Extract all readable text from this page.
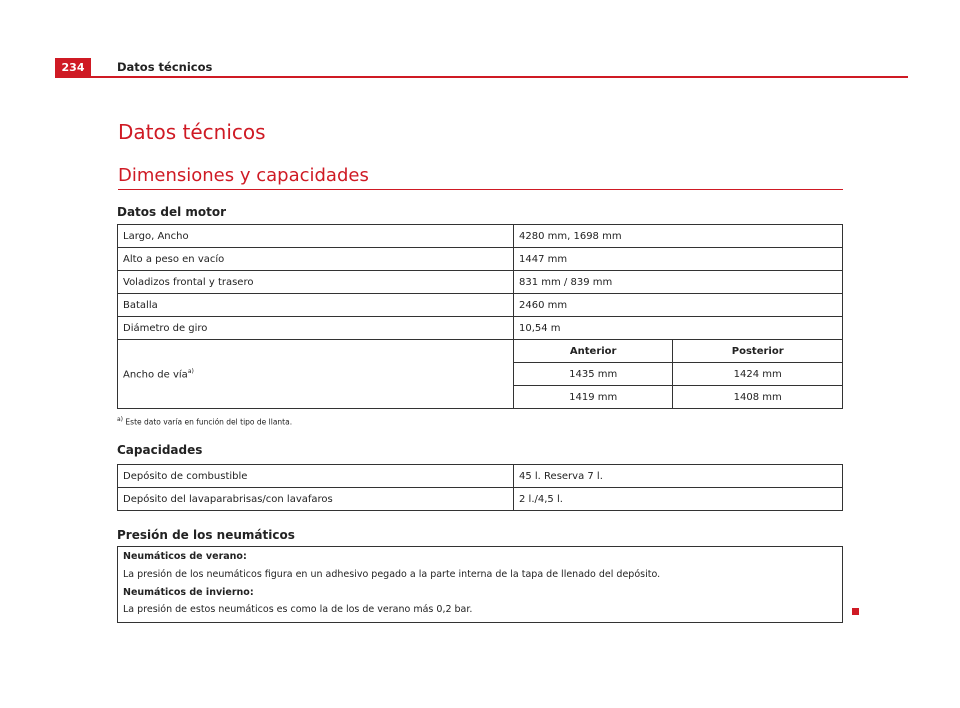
234	Datos técnicos
Datos técnicos
Dimensiones y capacidades
Datos del motor
Largo, Ancho	4280 mm, 1698 mm
Alto a peso en vacío	1447 mm
Voladizos frontal y trasero	831 mm / 839 mm
Batalla	2460 mm
Diámetro de giro	10,54 m
Ancho de vía$^{a)}$	
Anterior	Posterior
1435 mm	1424 mm
1419 mm	1408 mm
$^{a)}$ Este dato varía en función del tipo de llanta.
Capacidades
Depósito de combustible	45 l. Reserva 7 l.
Depósito del lavaparabrisas/con lavafaros	2 l./4,5 l.
Presión de los neumáticos
Neumáticos de verano:
La presión de los neumáticos figura en un adhesivo pegado a la parte interna de la tapa de llenado del depósito.
Neumáticos de invierno:
La presión de estos neumáticos es como la de los de verano más 0,2 bar.
